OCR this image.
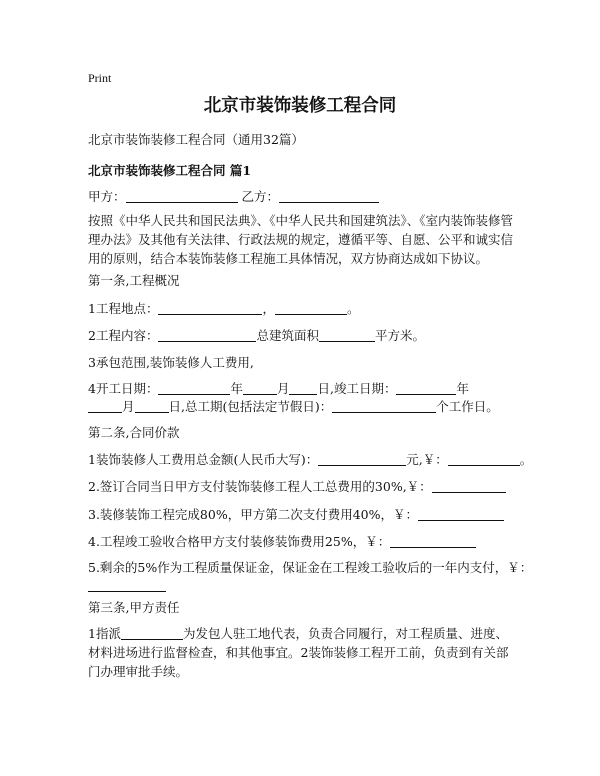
Print
北京市装饰装修工程合同
北京市装饰装修工程合同（通用32篇）
北京市装饰装修工程合同 篇1
甲方：	乙方：
按照《中华人民共和国民法典》、《中华人民共和国建筑法》、《室内装饰装修管理办法》及其他有关法律、行政法规的规定，遵循平等、自愿、公平和诚实信用的原则，结合本装饰装修工程施工具体情况，双方协商达成如下协议。
第一条,工程概况
1工程地点：	，	。
2工程内容：	总建筑面积	平方米。
3承包范围,装饰装修人工费用,
4开工日期：	年	月 日,竣工日期：	年
月	日,总工期(包括法定节假日)：	个工作日。
第二条,合同价款
1装饰装修人工费用总金额(人民币大写)：	元,￥：	。
2.签订合同当日甲方支付装饰装修工程人工总费用的30%,￥：
3.装修装饰工程完成80%，甲方第二次支付费用40%，￥：
4.工程竣工验收合格甲方支付装修装饰费用25%，￥：
5.剩余的5%作为工程质量保证金，保证金在工程竣工验收后的一年内支付，￥：
第三条,甲方责任
1指派	为发包人驻工地代表，负责合同履行，对工程质量、进度、材料进场进行监督检查，和其他事宜。2装饰装修工程开工前，负责到有关部门办理审批手续。
